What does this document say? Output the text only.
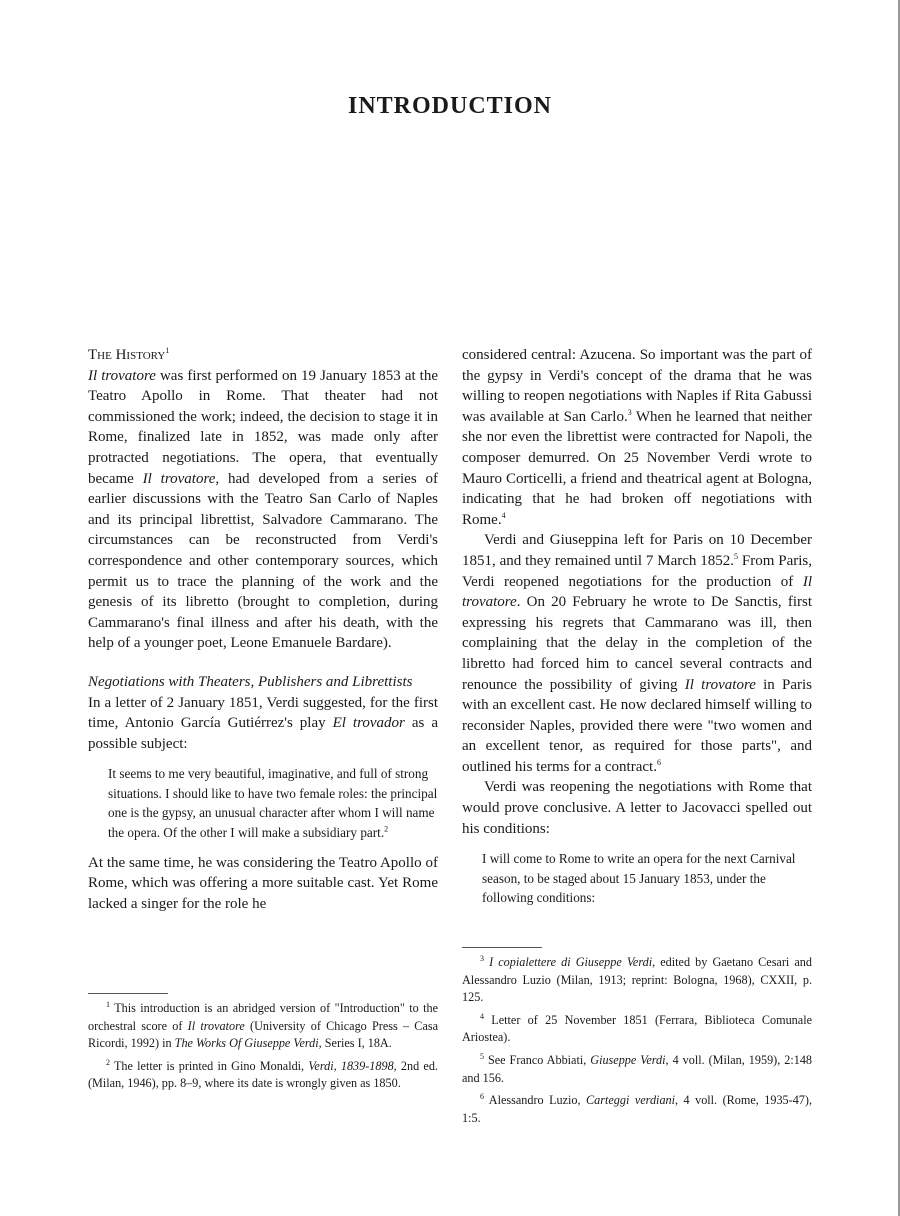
INTRODUCTION

The History$^1$

Il trovatore was first performed on 19 January 1853 at the Teatro Apollo in Rome. That theater had not commissioned the work; indeed, the decision to stage it in Rome, finalized late in 1852, was made only after protracted negotiations. The opera, that eventually became Il trovatore, had developed from a series of earlier discussions with the Teatro San Carlo of Naples and its principal librettist, Salvadore Cammarano. The circumstances can be reconstructed from Verdi's correspondence and other contemporary sources, which permit us to trace the planning of the work and the genesis of its libretto (brought to completion, during Cammarano's final illness and after his death, with the help of a younger poet, Leone Emanuele Bardare).

Negotiations with Theaters, Publishers and Librettists

In a letter of 2 January 1851, Verdi suggested, for the first time, Antonio García Gutiérrez's play El trovador as a possible subject:

It seems to me very beautiful, imaginative, and full of strong situations. I should like to have two female roles: the principal one is the gypsy, an unusual character after whom I will name the opera. Of the other I will make a subsidiary part.$^2$

At the same time, he was considering the Teatro Apollo of Rome, which was offering a more suitable cast. Yet Rome lacked a singer for the role he

considered central: Azucena. So important was the part of the gypsy in Verdi's concept of the drama that he was willing to reopen negotiations with Naples if Rita Gabussi was available at San Carlo.$^3$ When he learned that neither she nor even the librettist were contracted for Napoli, the composer demurred. On 25 November Verdi wrote to Mauro Corticelli, a friend and theatrical agent at Bologna, indicating that he had broken off negotiations with Rome.$^4$

Verdi and Giuseppina left for Paris on 10 December 1851, and they remained until 7 March 1852.$^5$ From Paris, Verdi reopened negotiations for the production of Il trovatore. On 20 February he wrote to De Sanctis, first expressing his regrets that Cammarano was ill, then complaining that the delay in the completion of the libretto had forced him to cancel several contracts and renounce the possibility of giving Il trovatore in Paris with an excellent cast. He now declared himself willing to reconsider Naples, provided there were "two women and an excellent tenor, as required for those parts", and outlined his terms for a contract.$^6$

Verdi was reopening the negotiations with Rome that would prove conclusive. A letter to Jacovacci spelled out his conditions:

I will come to Rome to write an opera for the next Carnival season, to be staged about 15 January 1853, under the following conditions:

$^1$ This introduction is an abridged version of "Introduction" to the orchestral score of Il trovatore (University of Chicago Press – Casa Ricordi, 1992) in The Works Of Giuseppe Verdi, Series I, 18A.

$^2$ The letter is printed in Gino Monaldi, Verdi, 1839-1898, 2nd ed. (Milan, 1946), pp. 8–9, where its date is wrongly given as 1850.

$^3$ I copialettere di Giuseppe Verdi, edited by Gaetano Cesari and Alessandro Luzio (Milan, 1913; reprint: Bologna, 1968), CXXII, p. 125.

$^4$ Letter of 25 November 1851 (Ferrara, Biblioteca Comunale Ariostea).

$^5$ See Franco Abbiati, Giuseppe Verdi, 4 voll. (Milan, 1959), 2:148 and 156.

$^6$ Alessandro Luzio, Carteggi verdiani, 4 voll. (Rome, 1935-47), 1:5.
